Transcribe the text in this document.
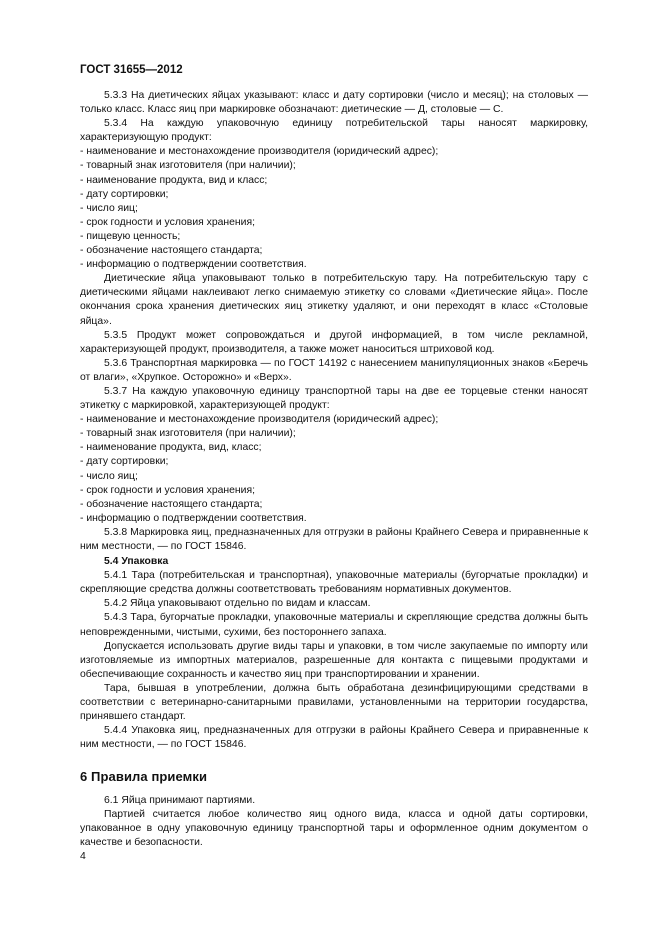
ГОСТ 31655—2012

5.3.3 На диетических яйцах указывают: класс и дату сортировки (число и месяц); на столовых — только класс. Класс яиц при маркировке обозначают: диетические — Д, столовые — С.

5.3.4 На каждую упаковочную единицу потребительской тары наносят маркировку, характеризующую продукт:

- наименование и местонахождение производителя (юридический адрес);

- товарный знак изготовителя (при наличии);

- наименование продукта, вид и класс;

- дату сортировки;

- число яиц;

- срок годности и условия хранения;

- пищевую ценность;

- обозначение настоящего стандарта;

- информацию о подтверждении соответствия.

Диетические яйца упаковывают только в потребительскую тару. На потребительскую тару с диетическими яйцами наклеивают легко снимаемую этикетку со словами «Диетические яйца». После окончания срока хранения диетических яиц этикетку удаляют, и они переходят в класс «Столовые яйца».

5.3.5 Продукт может сопровождаться и другой информацией, в том числе рекламной, характеризующей продукт, производителя, а также может наноситься штриховой код.

5.3.6 Транспортная маркировка — по ГОСТ 14192 с нанесением манипуляционных знаков «Беречь от влаги», «Хрупкое. Осторожно» и «Верх».

5.3.7 На каждую упаковочную единицу транспортной тары на две ее торцевые стенки наносят этикетку с маркировкой, характеризующей продукт:

- наименование и местонахождение производителя (юридический адрес);

- товарный знак изготовителя (при наличии);

- наименование продукта, вид, класс;

- дату сортировки;

- число яиц;

- срок годности и условия хранения;

- обозначение настоящего стандарта;

- информацию о подтверждении соответствия.

5.3.8 Маркировка яиц, предназначенных для отгрузки в районы Крайнего Севера и приравненные к ним местности, — по ГОСТ 15846.

5.4 Упаковка

5.4.1 Тара (потребительская и транспортная), упаковочные материалы (бугорчатые прокладки) и скрепляющие средства должны соответствовать требованиям нормативных документов.

5.4.2 Яйца упаковывают отдельно по видам и классам.

5.4.3 Тара, бугорчатые прокладки, упаковочные материалы и скрепляющие средства должны быть неповрежденными, чистыми, сухими, без постороннего запаха.

Допускается использовать другие виды тары и упаковки, в том числе закупаемые по импорту или изготовляемые из импортных материалов, разрешенные для контакта с пищевыми продуктами и обеспечивающие сохранность и качество яиц при транспортировании и хранении.

Тара, бывшая в употреблении, должна быть обработана дезинфицирующими средствами в соответствии с ветеринарно-санитарными правилами, установленными на территории государства, принявшего стандарт.

5.4.4 Упаковка яиц, предназначенных для отгрузки в районы Крайнего Севера и приравненные к ним местности, — по ГОСТ 15846.

6 Правила приемки

6.1 Яйца принимают партиями.

Партией считается любое количество яиц одного вида, класса и одной даты сортировки, упакованное в одну упаковочную единицу транспортной тары и оформленное одним документом о качестве и безопасности.

4
